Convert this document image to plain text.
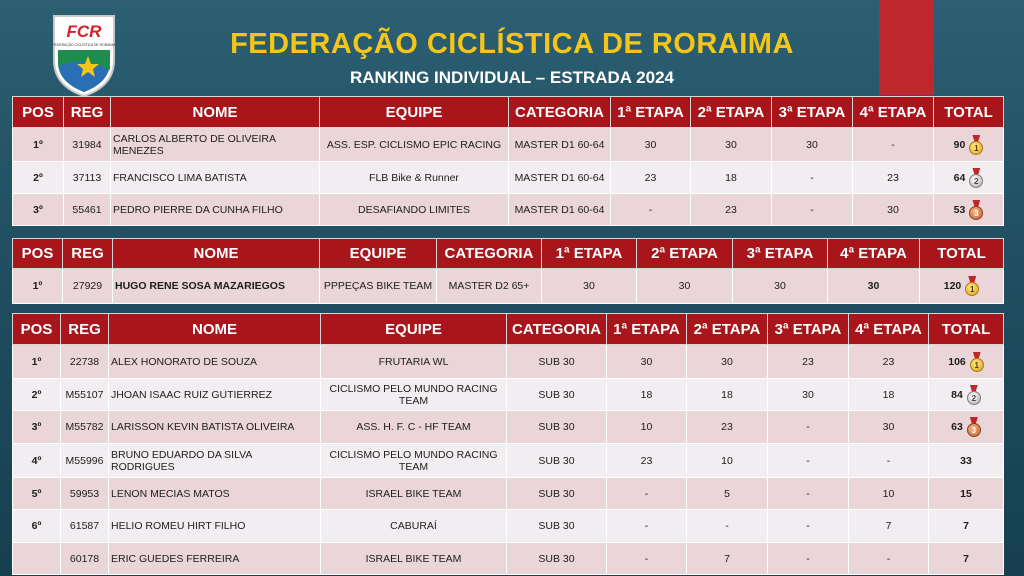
FCR
FEDERAÇÃO CICLÍSTICA DE RORAIMA	FEDERAÇÃO CICLÍSTICA DE RORAIMA
RANKING INDIVIDUAL – ESTRADA 2024
POS	REG	NOME	EQUIPE	CATEGORIA	1ª ETAPA	2ª ETAPA	3ª ETAPA	4ª ETAPA	TOTAL
1º	31984	CARLOS ALBERTO DE OLIVEIRA MENEZES	ASS. ESP. CICLISMO EPIC RACING	MASTER D1 60-64	30	30	30	-	90 1

2º	37113	FRANCISCO LIMA BATISTA	FLB Bike & Runner	MASTER D1 60-64	23	18	-	23	64 2

3º	55461	PEDRO PIERRE DA CUNHA FILHO	DESAFIANDO LIMITES	MASTER D1 60-64	-	23	-	30	53 3
POS	REG	NOME	EQUIPE	CATEGORIA	1ª ETAPA	2ª ETAPA	3ª ETAPA	4ª ETAPA	TOTAL
1º	27929	HUGO RENE SOSA MAZARIEGOS	PPPEÇAS BIKE TEAM	MASTER D2 65+	30	30	30	30	120 1
POS	REG	NOME	EQUIPE	CATEGORIA	1ª ETAPA	2ª ETAPA	3ª ETAPA	4ª ETAPA	TOTAL
1º	22738	ALEX HONORATO DE SOUZA	FRUTARIA WL	SUB 30	30	30	23	23	106 1

2º	M55107	JHOAN ISAAC RUIZ GUTIERREZ	CICLISMO PELO MUNDO RACING TEAM	SUB 30	18	18	30	18	84 2

3º	M55782	LARISSON KEVIN BATISTA OLIVEIRA	ASS. H. F. C - HF TEAM	SUB 30	10	23	-	30	63 3

4º	M55996	BRUNO EDUARDO DA SILVA RODRIGUES	CICLISMO PELO MUNDO RACING TEAM	SUB 30	23	10	-	-	33
5º	59953	LENON MECIAS MATOS	ISRAEL BIKE TEAM	SUB 30	-	5	-	10	15
6º	61587	HELIO ROMEU HIRT FILHO	CABURAÍ	SUB 30	-	-	-	7	7
	60178	ERIC GUEDES FERREIRA	ISRAEL BIKE TEAM	SUB 30	-	7	-	-	7
